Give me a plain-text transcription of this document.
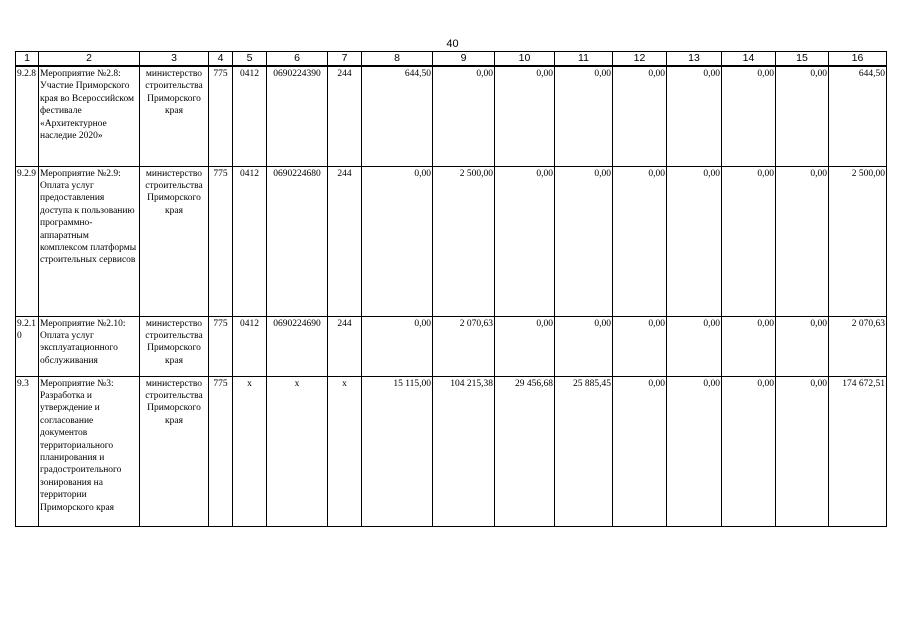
40
1	2	3	4	5	6	7	8	9	10	11	12	13	14	15	16
9.2.8	Мероприятие №2.8: Участие Приморского края во Всероссийском фестивале «Архитектурное наследие 2020»	министерство строительства Приморского края	775	0412	0690224390	244	644,50	0,00	0,00	0,00	0,00	0,00	0,00	0,00	644,50
9.2.9	Мероприятие №2.9: Оплата услуг предоставления доступа к пользованию программно-аппаратным комплексом платформы строительных сервисов	министерство строительства Приморского края	775	0412	0690224680	244	0,00	2 500,00	0,00	0,00	0,00	0,00	0,00	0,00	2 500,00
9.2.10	Мероприятие №2.10: Оплата услуг эксплуатационного обслуживания	министерство строительства Приморского края	775	0412	0690224690	244	0,00	2 070,63	0,00	0,00	0,00	0,00	0,00	0,00	2 070,63
9.3	Мероприятие №3: Разработка и утверждение и согласование документов территориального планирования и градостроительного зонирования на территории Приморского края	министерство строительства Приморского края	775	x	x	x	15 115,00	104 215,38	29 456,68	25 885,45	0,00	0,00	0,00	0,00	174 672,51
